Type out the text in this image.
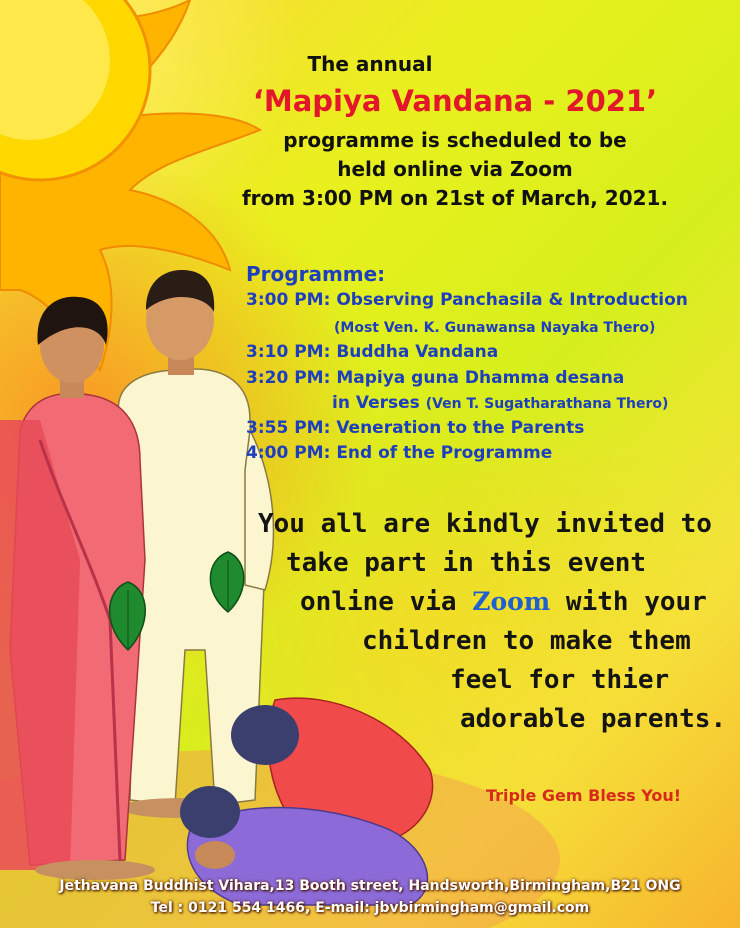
The annual
‘Mapiya Vandana - 2021’
programme is scheduled to be
held online via Zoom
from 3:00 PM on 21st of March, 2021.
Programme:
3:00 PM: Observing Panchasila & Introduction
(Most Ven. K. Gunawansa Nayaka Thero)
3:10 PM: Buddha Vandana
3:20 PM: Mapiya guna Dhamma desana
in Verses (Ven T. Sugatharathana Thero)
3:55 PM: Veneration to the Parents
4:00 PM: End of the Programme
You all are kindly invited to
take part in this event
online via Zoom with your
children to make them
feel for thier
adorable parents.
Triple Gem Bless You!
Jethavana Buddhist Vihara,13 Booth street, Handsworth,Birmingham,B21 ONG
Tel : 0121 554 1466, E-mail: jbvbirmingham@gmail.com
